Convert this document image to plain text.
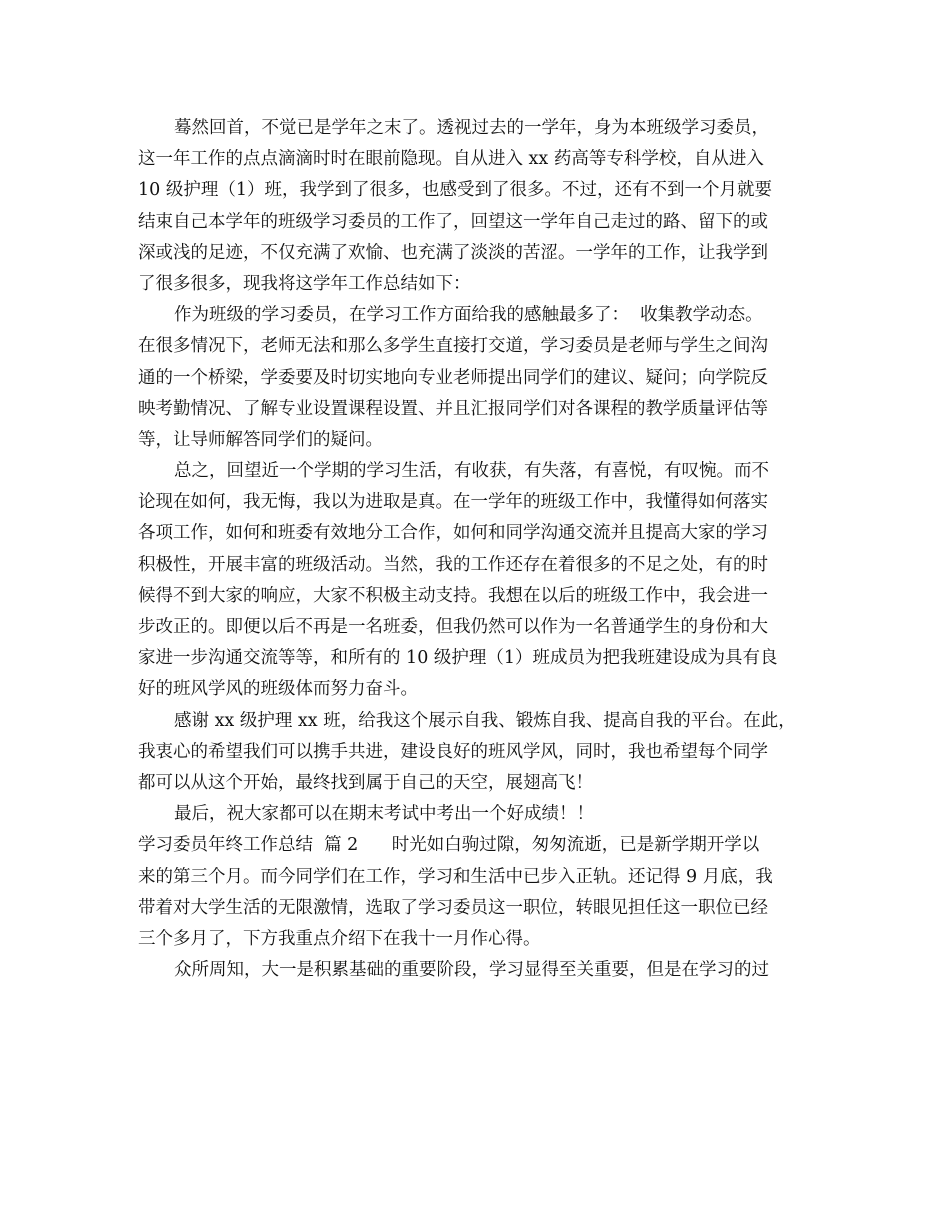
蓦然回首，不觉已是学年之末了。透视过去的一学年，身为本班级学习委员，

这一年工作的点点滴滴时时在眼前隐现。自从进入 xx 药高等专科学校，自从进入

10 级护理（1）班，我学到了很多，也感受到了很多。不过，还有不到一个月就要

结束自己本学年的班级学习委员的工作了，回望这一学年自己走过的路、留下的或

深或浅的足迹，不仅充满了欢愉、也充满了淡淡的苦涩。一学年的工作，让我学到

了很多很多，现我将这学年工作总结如下：

作为班级的学习委员，在学习工作方面给我的感触最多了：  收集教学动态。

在很多情况下，老师无法和那么多学生直接打交道，学习委员是老师与学生之间沟

通的一个桥梁，学委要及时切实地向专业老师提出同学们的建议、疑问；向学院反

映考勤情况、了解专业设置课程设置、并且汇报同学们对各课程的教学质量评估等

等，让导师解答同学们的疑问。

总之，回望近一个学期的学习生活，有收获，有失落，有喜悦，有叹惋。而不

论现在如何，我无悔，我以为进取是真。在一学年的班级工作中，我懂得如何落实

各项工作，如何和班委有效地分工合作，如何和同学沟通交流并且提高大家的学习

积极性，开展丰富的班级活动。当然，我的工作还存在着很多的不足之处，有的时

候得不到大家的响应，大家不积极主动支持。我想在以后的班级工作中，我会进一

步改正的。即便以后不再是一名班委，但我仍然可以作为一名普通学生的身份和大

家进一步沟通交流等等，和所有的 10 级护理（1）班成员为把我班建设成为具有良

好的班风学风的班级体而努力奋斗。

感谢 xx 级护理 xx 班，给我这个展示自我、锻炼自我、提高自我的平台。在此，

我衷心的希望我们可以携手共进，建设良好的班风学风，同时，我也希望每个同学

都可以从这个开始，最终找到属于自己的天空，展翅高飞！

最后，祝大家都可以在期末考试中考出一个好成绩！！

学习委员年终工作总结  篇 2      时光如白驹过隙，匆匆流逝，已是新学期开学以

来的第三个月。而今同学们在工作，学习和生活中已步入正轨。还记得 9 月底，我

带着对大学生活的无限激情，选取了学习委员这一职位，转眼见担任这一职位已经

三个多月了，下方我重点介绍下在我十一月作心得。

众所周知，大一是积累基础的重要阶段，学习显得至关重要，但是在学习的过
